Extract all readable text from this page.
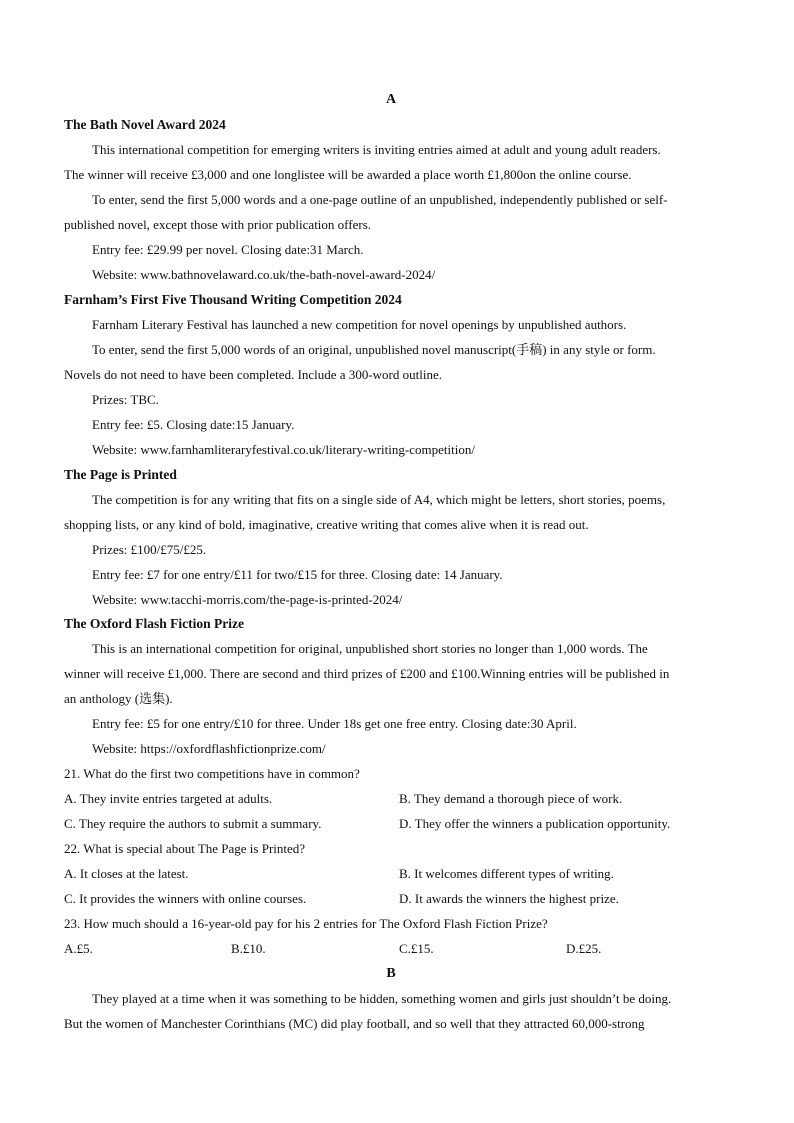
A
The Bath Novel Award 2024
This international competition for emerging writers is inviting entries aimed at adult and young adult readers.
The winner will receive £3,000 and one longlistee will be awarded a place worth £1,800on the online course.
To enter, send the first 5,000 words and a one-page outline of an unpublished, independently published or self-
published novel, except those with prior publication offers.
Entry fee: £29.99 per novel. Closing date:31 March.
Website: www.bathnovelaward.co.uk/the-bath-novel-award-2024/
Farnham’s First Five Thousand Writing Competition 2024
Farnham Literary Festival has launched a new competition for novel openings by unpublished authors.
To enter, send the first 5,000 words of an original, unpublished novel manuscript(手稿) in any style or form.
Novels do not need to have been completed. Include a 300-word outline.
Prizes: TBC.
Entry fee: £5. Closing date:15 January.
Website: www.farnhamliteraryfestival.co.uk/literary-writing-competition/
The Page is Printed
The competition is for any writing that fits on a single side of A4, which might be letters, short stories, poems,
shopping lists, or any kind of bold, imaginative, creative writing that comes alive when it is read out.
Prizes: £100/£75/£25.
Entry fee: £7 for one entry/£11 for two/£15 for three. Closing date: 14 January.
Website: www.tacchi-morris.com/the-page-is-printed-2024/
The Oxford Flash Fiction Prize
This is an international competition for original, unpublished short stories no longer than 1,000 words. The
winner will receive £1,000. There are second and third prizes of £200 and £100.Winning entries will be published in
an anthology (选集).
Entry fee: £5 for one entry/£10 for three. Under 18s get one free entry. Closing date:30 April.
Website: https://oxfordflashfictionprize.com/
21. What do the first two competitions have in common?
A. They invite entries targeted at adults.	B. They demand a thorough piece of work.
C. They require the authors to submit a summary.	D. They offer the winners a publication opportunity.
22. What is special about The Page is Printed?
A. It closes at the latest.	B. It welcomes different types of writing.
C. It provides the winners with online courses.	D. It awards the winners the highest prize.
23. How much should a 16-year-old pay for his 2 entries for The Oxford Flash Fiction Prize?
A.£5.	B.£10.	C.£15.	D.£25.
B
They played at a time when it was something to be hidden, something women and girls just shouldn’t be doing.
But the women of Manchester Corinthians (MC) did play football, and so well that they attracted 60,000-strong
